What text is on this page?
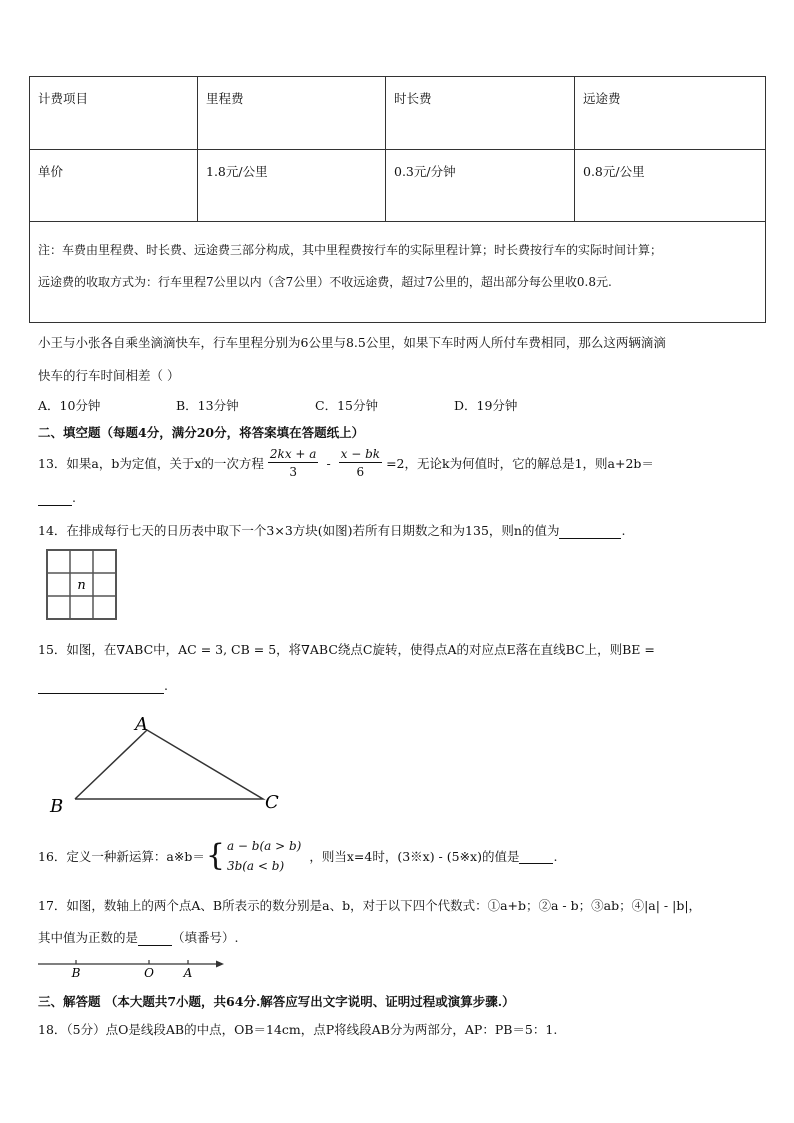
计费项目	里程费	时长费	远途费
单价	1.8元/公里	0.3元/分钟	0.8元/公里

注：车费由里程费、时长费、远途费三部分构成，其中里程费按行车的实际里程计算；时长费按行车的实际时间计算；
远途费的收取方式为：行车里程7公里以内（含7公里）不收远途费，超过7公里的，超出部分每公里收0.8元.			
小王与小张各自乘坐滴滴快车，行车里程分别为6公里与8.5公里，如果下车时两人所付车费相同，那么这两辆滴滴
快车的行车时间相差（ ）
A．10分钟	B．13分钟	C．15分钟	D．19分钟
二、填空题（每题4分，满分20分，将答案填在答题纸上）
13．如果a，b为定值，关于x的一次方程 $\frac{2kx + a}{3} - \frac{x - bk}{6} =2$，无论k为何值时，它的解总是1，则a+2b＝
.
14．在排成每行七天的日历表中取下一个3×3方块(如图)若所有日期数之和为135，则n的值为	.
n
15．如图，在∇ABC中，AC = 3, CB = 5，将∇ABC绕点C旋转，使得点A的对应点E落在直线BC上，则BE =
.
A
B	C
16．定义一种新运算：a※b＝ { a − b(a > b)
3b(a < b)
，则当x=4时，(3※x) - (5※x)的值是
	.
17．如图，数轴上的两个点A、B所表示的数分别是a、b，对于以下四个代数式：①a+b；②a - b；③ab；④|a| - |b|，
其中值为正数的是	（填番号）.
B	O A
三、解答题 （本大题共7小题，共64分.解答应写出文字说明、证明过程或演算步骤.）
18．（5分）点O是线段AB的中点，OB＝14cm，点P将线段AB分为两部分，AP：PB＝5：1.
